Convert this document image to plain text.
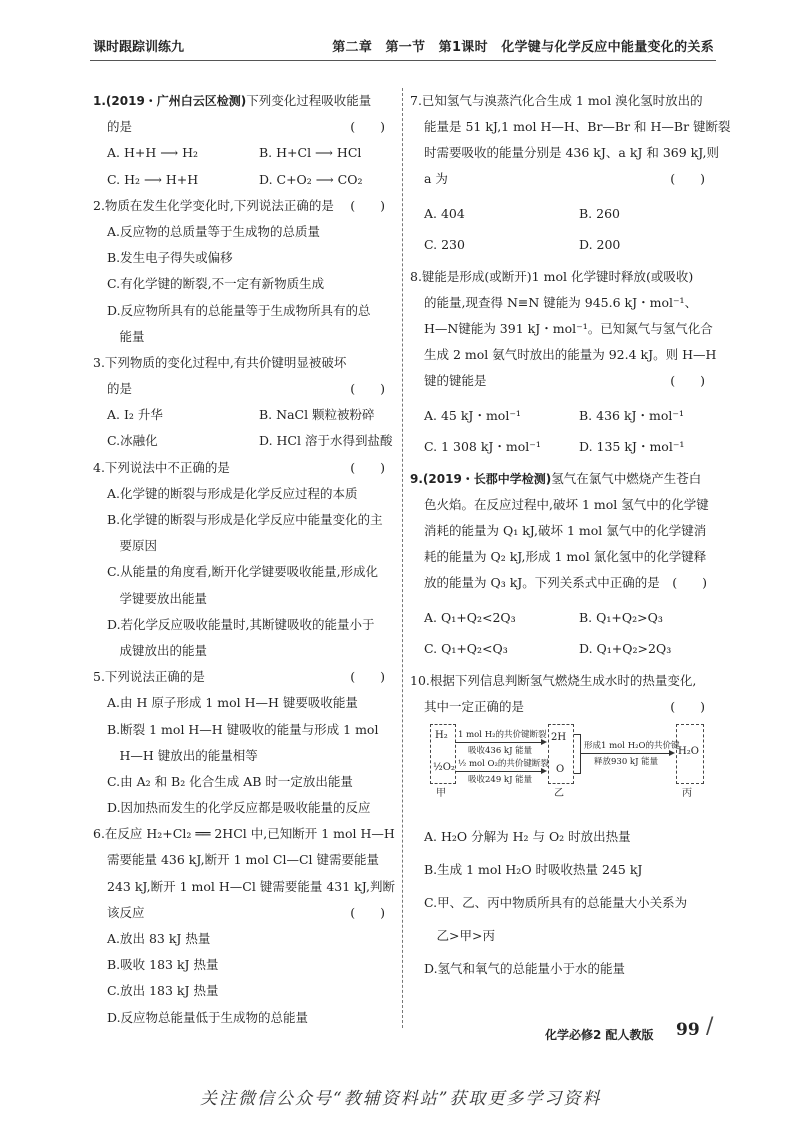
课时跟踪训练九	第二章　第一节　第1课时　化学键与化学反应中能量变化的关系
1.(2019・广州白云区检测)下列变化过程吸收能量
的是	(　　)
A. H+H ⟶ H₂	B. H+Cl ⟶ HCl
C. H₂ ⟶ H+H	D. C+O₂ ⟶ CO₂
2.物质在发生化学变化时,下列说法正确的是 (　　)
A.反应物的总质量等于生成物的总质量
B.发生电子得失或偏移
C.有化学键的断裂,不一定有新物质生成
D.反应物所具有的总能量等于生成物所具有的总
　能量
3.下列物质的变化过程中,有共价键明显被破坏
的是	(　　)
A. I₂ 升华	B. NaCl 颗粒被粉碎
C.冰融化	D. HCl 溶于水得到盐酸
4.下列说法中不正确的是	(　　)
A.化学键的断裂与形成是化学反应过程的本质
B.化学键的断裂与形成是化学反应中能量变化的主
　要原因
C.从能量的角度看,断开化学键要吸收能量,形成化
　学键要放出能量
D.若化学反应吸收能量时,其断键吸收的能量小于
　成键放出的能量
5.下列说法正确的是	(　　)
A.由 H 原子形成 1 mol H—H 键要吸收能量
B.断裂 1 mol H—H 键吸收的能量与形成 1 mol
　H—H 键放出的能量相等
C.由 A₂ 和 B₂ 化合生成 AB 时一定放出能量
D.因加热而发生的化学反应都是吸收能量的反应
6.在反应 H₂+Cl₂ ══ 2HCl 中,已知断开 1 mol H—H
需要能量 436 kJ,断开 1 mol Cl—Cl 键需要能量
243 kJ,断开 1 mol H—Cl 键需要能量 431 kJ,判断
该反应	(　　)
A.放出 83 kJ 热量
B.吸收 183 kJ 热量
C.放出 183 kJ 热量
D.反应物总能量低于生成物的总能量
7.已知氢气与溴蒸汽化合生成 1 mol 溴化氢时放出的
能量是 51 kJ,1 mol H—H、Br—Br 和 H—Br 键断裂
时需要吸收的能量分别是 436 kJ、a kJ 和 369 kJ,则
a 为	(　　)
A. 404	B. 260
C. 230	D. 200
8.键能是形成(或断开)1 mol 化学键时释放(或吸收)
的能量,现查得 N≡N 键能为 945.6 kJ・mol⁻¹、
H—N键能为 391 kJ・mol⁻¹。已知氮气与氢气化合
生成 2 mol 氨气时放出的能量为 92.4 kJ。则 H—H
键的键能是	(　　)
A. 45 kJ・mol⁻¹	B. 436 kJ・mol⁻¹
C. 1 308 kJ・mol⁻¹	D. 135 kJ・mol⁻¹
9.(2019・长郡中学检测)氢气在氯气中燃烧产生苍白
色火焰。在反应过程中,破坏 1 mol 氢气中的化学键
消耗的能量为 Q₁ kJ,破坏 1 mol 氯气中的化学键消
耗的能量为 Q₂ kJ,形成 1 mol 氯化氢中的化学键释
放的能量为 Q₃ kJ。下列关系式中正确的是　(　　)
A. Q₁+Q₂<2Q₃	B. Q₁+Q₂>Q₃
C. Q₁+Q₂<Q₃	D. Q₁+Q₂>2Q₃
10.根据下列信息判断氢气燃烧生成水时的热量变化,
其中一定正确的是	(　　)
H₂
½O₂
甲
1 mol H₂的共价键断裂
吸收436 kJ 能量
½ mol O₂的共价键断裂
吸收249 kJ 能量
2H
O
乙
形成1 mol H₂O的共价键
释放930 kJ 能量
H₂O
丙
A. H₂O 分解为 H₂ 与 O₂ 时放出热量
B.生成 1 mol H₂O 时吸收热量 245 kJ
C.甲、乙、丙中物质所具有的总能量大小关系为
　乙>甲>丙
D.氢气和氧气的总能量小于水的能量
化学必修2 配人教版 99 /
关注微信公众号“教辅资料站”获取更多学习资料
